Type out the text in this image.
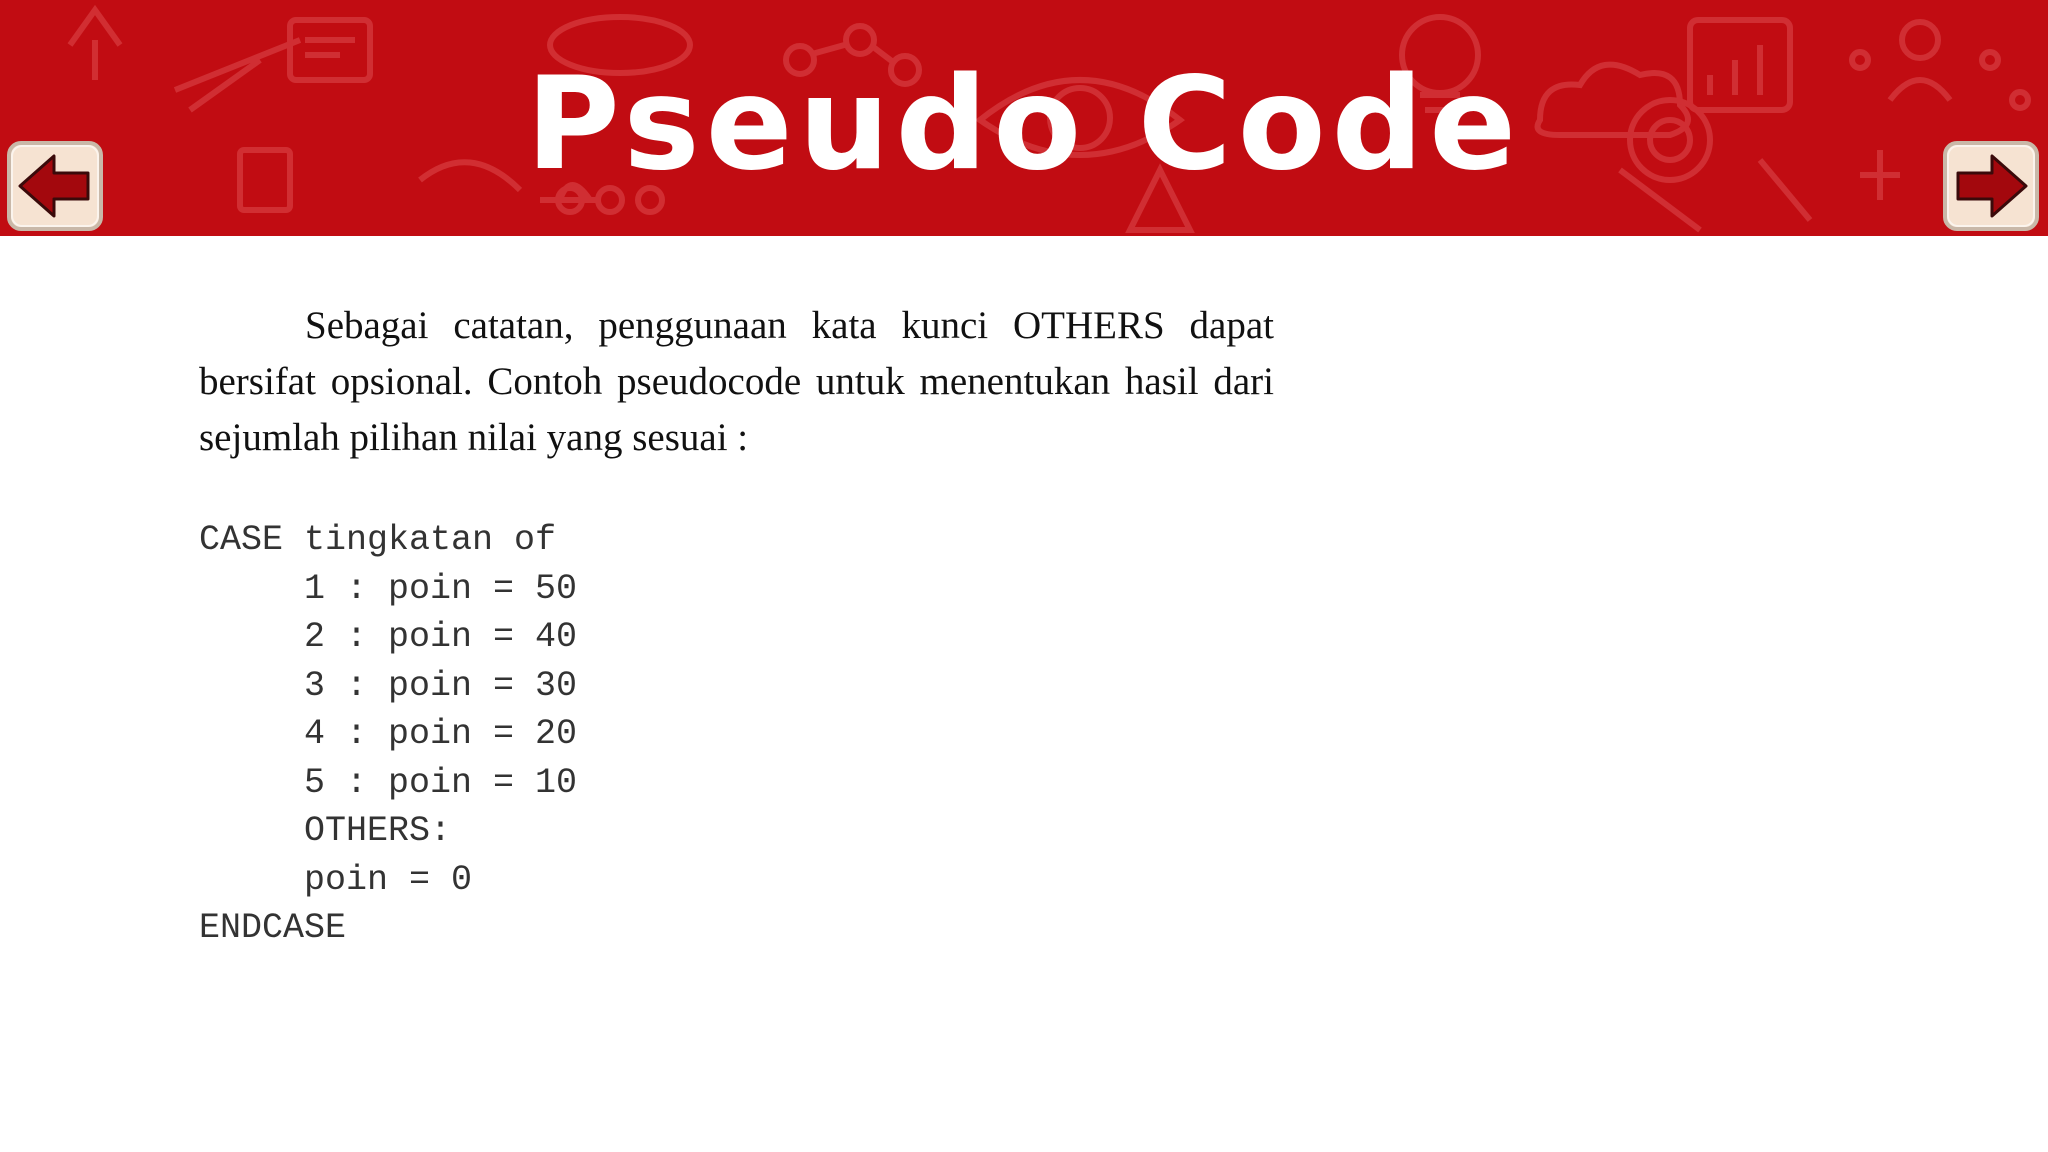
Pseudo Code
Sebagai catatan, penggunaan kata kunci OTHERS dapat bersifat opsional. Contoh pseudocode untuk menentukan hasil dari sejumlah pilihan nilai yang sesuai :
CASE tingkatan of
1 : poin = 50
2 : poin = 40
3 : poin = 30
4 : poin = 20
5 : poin = 10
OTHERS:
poin = 0
ENDCASE
